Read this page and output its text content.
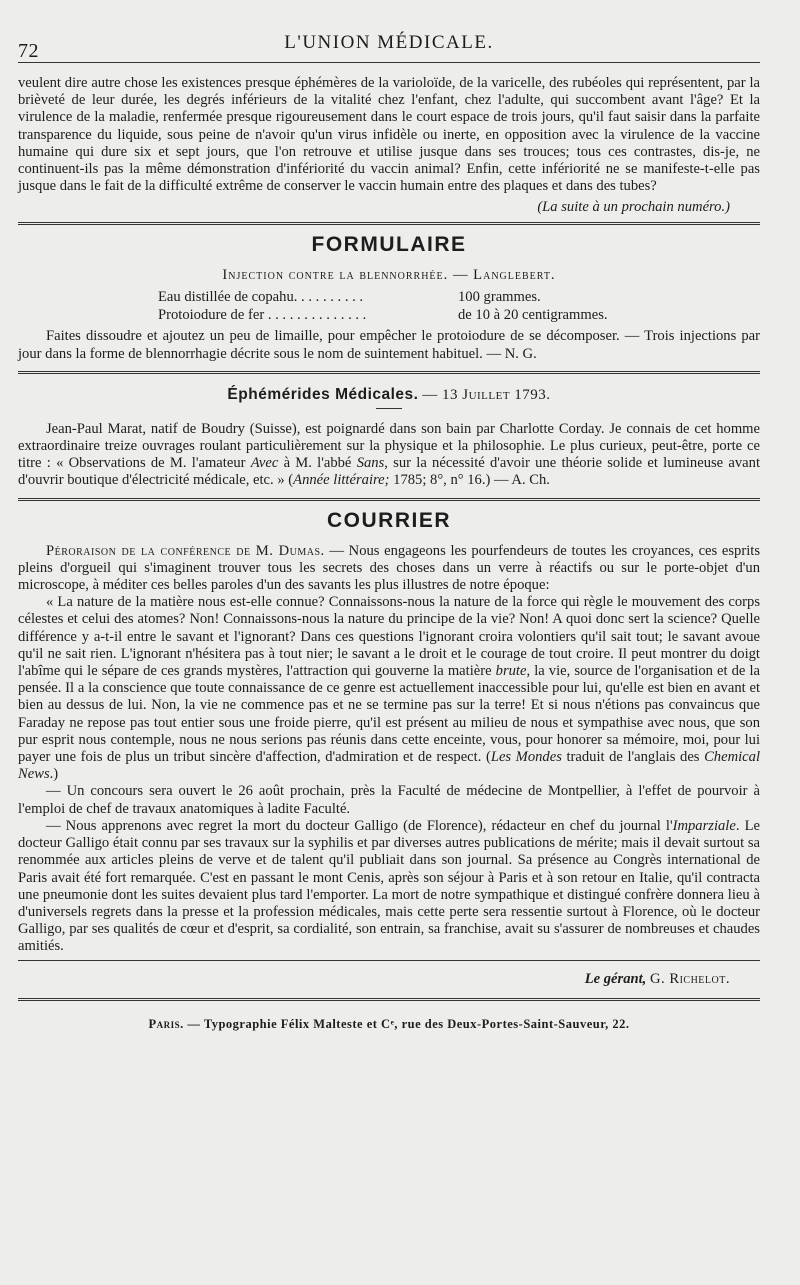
72	L'UNION MÉDICALE.

veulent dire autre chose les existences presque éphémères de la varioloïde, de la varicelle, des rubéoles qui représentent, par la brièveté de leur durée, les degrés inférieurs de la vitalité chez l'enfant, chez l'adulte, qui succombent avant l'âge? Et la virulence de la maladie, renfermée presque rigoureusement dans le court espace de trois jours, qu'il faut saisir dans la parfaite transparence du liquide, sous peine de n'avoir qu'un virus infidèle ou inerte, en opposition avec la virulence de la vaccine humaine qui dure six et sept jours, que l'on retrouve et utilise jusque dans ses trouces; tous ces contrastes, dis-je, ne continuent-ils pas la même démonstration d'infériorité du vaccin animal? Enfin, cette infériorité ne se manifeste-t-elle pas jusque dans le fait de la difficulté extrême de conserver le vaccin humain entre des plaques et dans des tubes?

(La suite à un prochain numéro.)
FORMULAIRE
Injection contre la blennorrhée. — Langlebert.
Eau distillée de copahu. . . . . . . . . .	100 grammes.
Protoiodure de fer . . . . . . . . . . . . . .	de 10 à 20 centigrammes.

Faites dissoudre et ajoutez un peu de limaille, pour empêcher le protoiodure de se décomposer. — Trois injections par jour dans la forme de blennorrhagie décrite sous le nom de suintement habituel. — N. G.

Éphémérides Médicales. — 13 Juillet 1793.

Jean-Paul Marat, natif de Boudry (Suisse), est poignardé dans son bain par Charlotte Corday. Je connais de cet homme extraordinaire treize ouvrages roulant particulièrement sur la physique et la philosophie. Le plus curieux, peut-être, porte ce titre : « Observations de M. l'amateur Avec à M. l'abbé Sans, sur la nécessité d'avoir une théorie solide et lumineuse avant d'ouvrir boutique d'électricité médicale, etc. » (Année littéraire; 1785; 8°, n° 16.) — A. Ch.

COURRIER

Péroraison de la conférence de M. Dumas. — Nous engageons les pourfendeurs de toutes les croyances, ces esprits pleins d'orgueil qui s'imaginent trouver tous les secrets des choses dans un verre à réactifs ou sur le porte-objet d'un microscope, à méditer ces belles paroles d'un des savants les plus illustres de notre époque:

« La nature de la matière nous est-elle connue? Connaissons-nous la nature de la force qui règle le mouvement des corps célestes et celui des atomes? Non! Connaissons-nous la nature du principe de la vie? Non! A quoi donc sert la science? Quelle différence y a-t-il entre le savant et l'ignorant? Dans ces questions l'ignorant croira volontiers qu'il sait tout; le savant avoue qu'il ne sait rien. L'ignorant n'hésitera pas à tout nier; le savant a le droit et le courage de tout croire. Il peut montrer du doigt l'abîme qui le sépare de ces grands mystères, l'attraction qui gouverne la matière brute, la vie, source de l'organisation et de la pensée. Il a la conscience que toute connaissance de ce genre est actuellement inaccessible pour lui, qu'elle est bien en avant et bien au dessus de lui. Non, la vie ne commence pas et ne se termine pas sur la terre! Et si nous n'étions pas convaincus que Faraday ne repose pas tout entier sous une froide pierre, qu'il est présent au milieu de nous et sympathise avec nous, que son pur esprit nous contemple, nous ne nous serions pas réunis dans cette enceinte, vous, pour honorer sa mémoire, moi, pour lui payer une fois de plus un tribut sincère d'affection, d'admiration et de respect. (Les Mondes traduit de l'anglais des Chemical News.)

— Un concours sera ouvert le 26 août prochain, près la Faculté de médecine de Montpellier, à l'effet de pourvoir à l'emploi de chef de travaux anatomiques à ladite Faculté.

— Nous apprenons avec regret la mort du docteur Galligo (de Florence), rédacteur en chef du journal l'Imparziale. Le docteur Galligo était connu par ses travaux sur la syphilis et par diverses autres publications de mérite; mais il devait surtout sa renommée aux articles pleins de verve et de talent qu'il publiait dans son journal. Sa présence au Congrès international de Paris avait été fort remarquée. C'est en passant le mont Cenis, après son séjour à Paris et à son retour en Italie, qu'il contracta une pneumonie dont les suites devaient plus tard l'emporter. La mort de notre sympathique et distingué confrère donnera lieu à d'universels regrets dans la presse et la profession médicales, mais cette perte sera ressentie surtout à Florence, où le docteur Galligo, par ses qualités de cœur et d'esprit, sa cordialité, son entrain, sa franchise, avait su s'assurer de nombreuses et chaudes amitiés.

Le gérant, G. Richelot.
Paris. — Typographie Félix Malteste et Cᵉ, rue des Deux-Portes-Saint-Sauveur, 22.
